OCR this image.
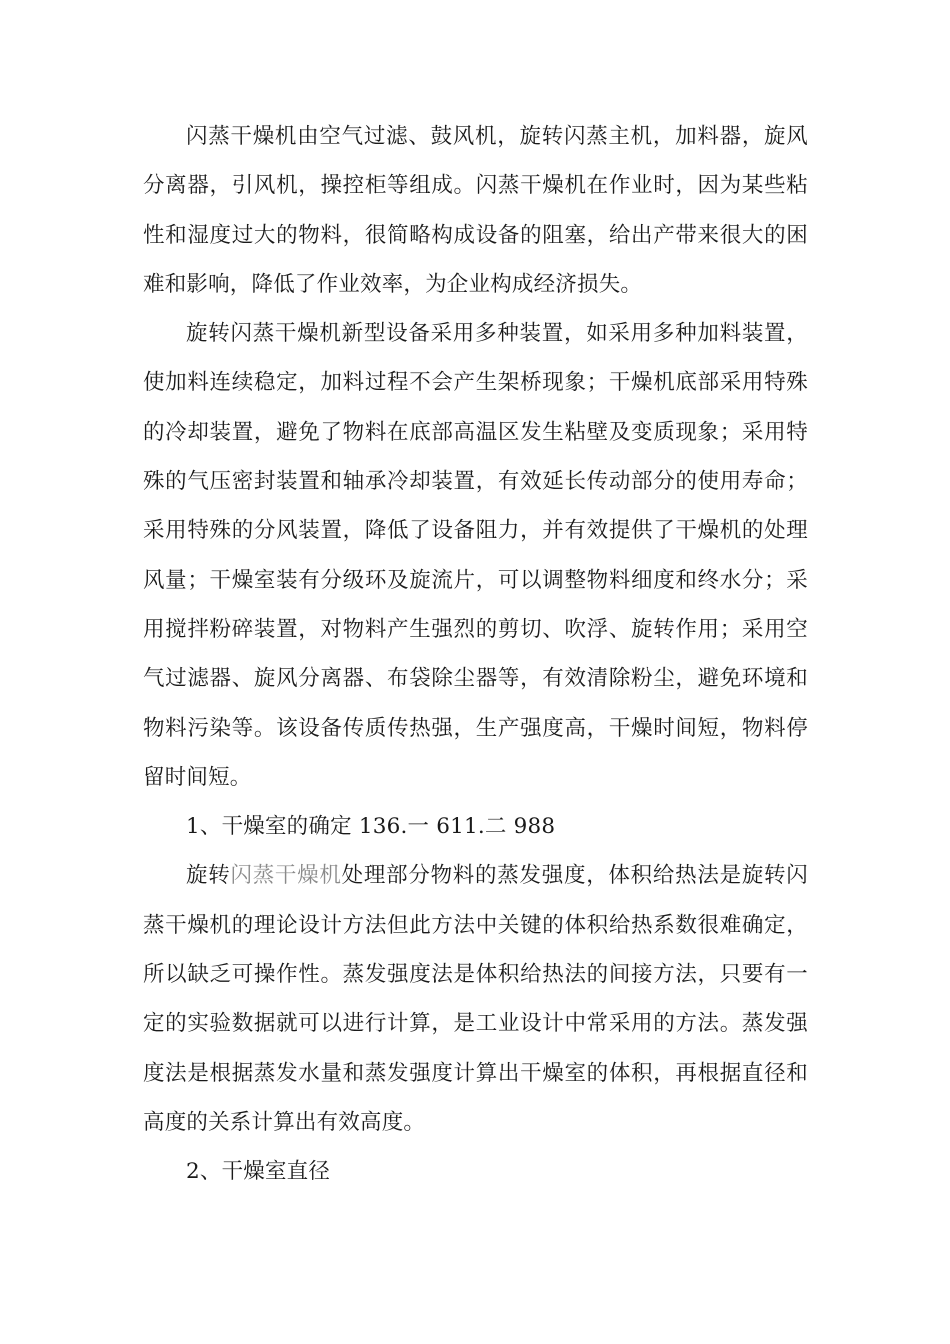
闪蒸干燥机由空气过滤、鼓风机，旋转闪蒸主机，加料器，旋风分离器，引风机，操控柜等组成。闪蒸干燥机在作业时，因为某些粘性和湿度过大的物料，很简略构成设备的阻塞，给出产带来很大的困难和影响，降低了作业效率，为企业构成经济损失。

旋转闪蒸干燥机新型设备采用多种装置，如采用多种加料装置，使加料连续稳定，加料过程不会产生架桥现象；干燥机底部采用特殊的冷却装置，避免了物料在底部高温区发生粘壁及变质现象；采用特殊的气压密封装置和轴承冷却装置，有效延长传动部分的使用寿命；采用特殊的分风装置，降低了设备阻力，并有效提供了干燥机的处理风量；干燥室装有分级环及旋流片，可以调整物料细度和终水分；采用搅拌粉碎装置，对物料产生强烈的剪切、吹浮、旋转作用；采用空气过滤器、旋风分离器、布袋除尘器等，有效清除粉尘，避免环境和物料污染等。该设备传质传热强，生产强度高，干燥时间短，物料停留时间短。

1、干燥室的确定 136.一 611.二 988

旋转闪蒸干燥机处理部分物料的蒸发强度，体积给热法是旋转闪蒸干燥机的理论设计方法但此方法中关键的体积给热系数很难确定，所以缺乏可操作性。蒸发强度法是体积给热法的间接方法，只要有一定的实验数据就可以进行计算，是工业设计中常采用的方法。蒸发强度法是根据蒸发水量和蒸发强度计算出干燥室的体积，再根据直径和高度的关系计算出有效高度。

2、干燥室直径
